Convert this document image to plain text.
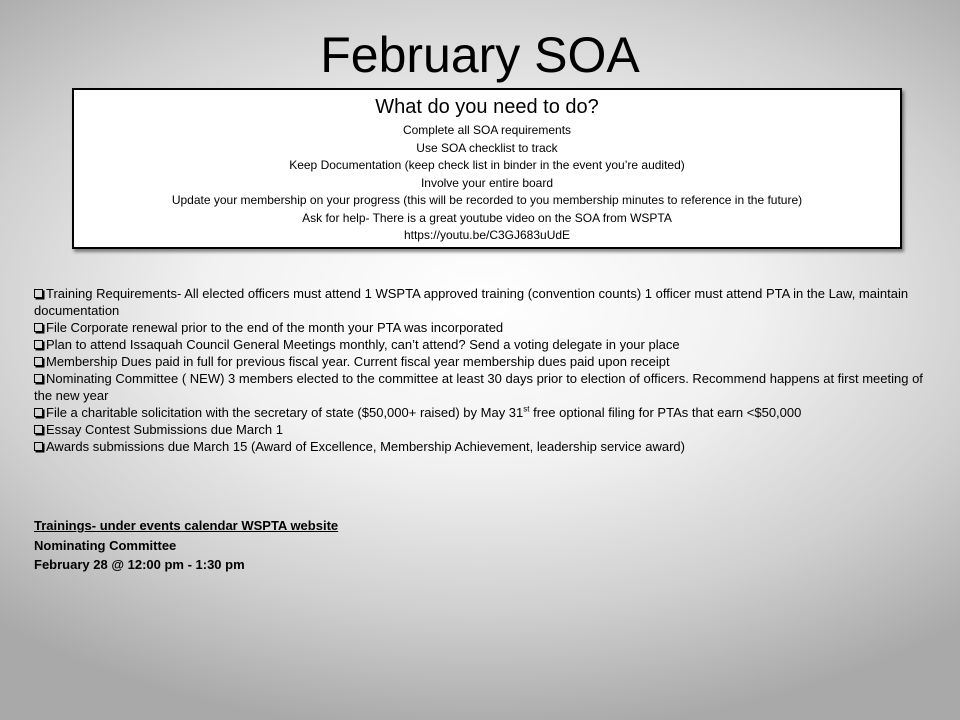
February SOA
What do you need to do?
Complete all SOA requirements
Use SOA checklist to track
Keep Documentation (keep check list in binder in the event you’re audited)
Involve your entire board
Update your membership on your progress (this will be recorded to you membership minutes to reference in the future)
Ask for help- There is a great youtube video on the SOA from WSPTA
https://youtu.be/C3GJ683uUdE
Training Requirements- All elected officers must attend 1 WSPTA approved training (convention counts) 1 officer must attend PTA in the Law, maintain documentation
File Corporate renewal prior to the end of the month your PTA was incorporated
Plan to attend Issaquah Council General Meetings monthly, can’t attend? Send a voting delegate in your place
Membership Dues paid in full for previous fiscal year. Current fiscal year membership dues paid upon receipt
Nominating Committee ( NEW) 3 members elected to the committee at least 30 days prior to election of officers. Recommend happens at first meeting of the new year
File a charitable solicitation with the secretary of state ($50,000+ raised) by May 31st free optional filing for PTAs that earn <$50,000
Essay Contest Submissions due March 1
Awards submissions due March 15 (Award of Excellence, Membership Achievement, leadership service award)
Trainings- under events calendar WSPTA website
Nominating Committee
February 28 @ 12:00 pm - 1:30 pm
